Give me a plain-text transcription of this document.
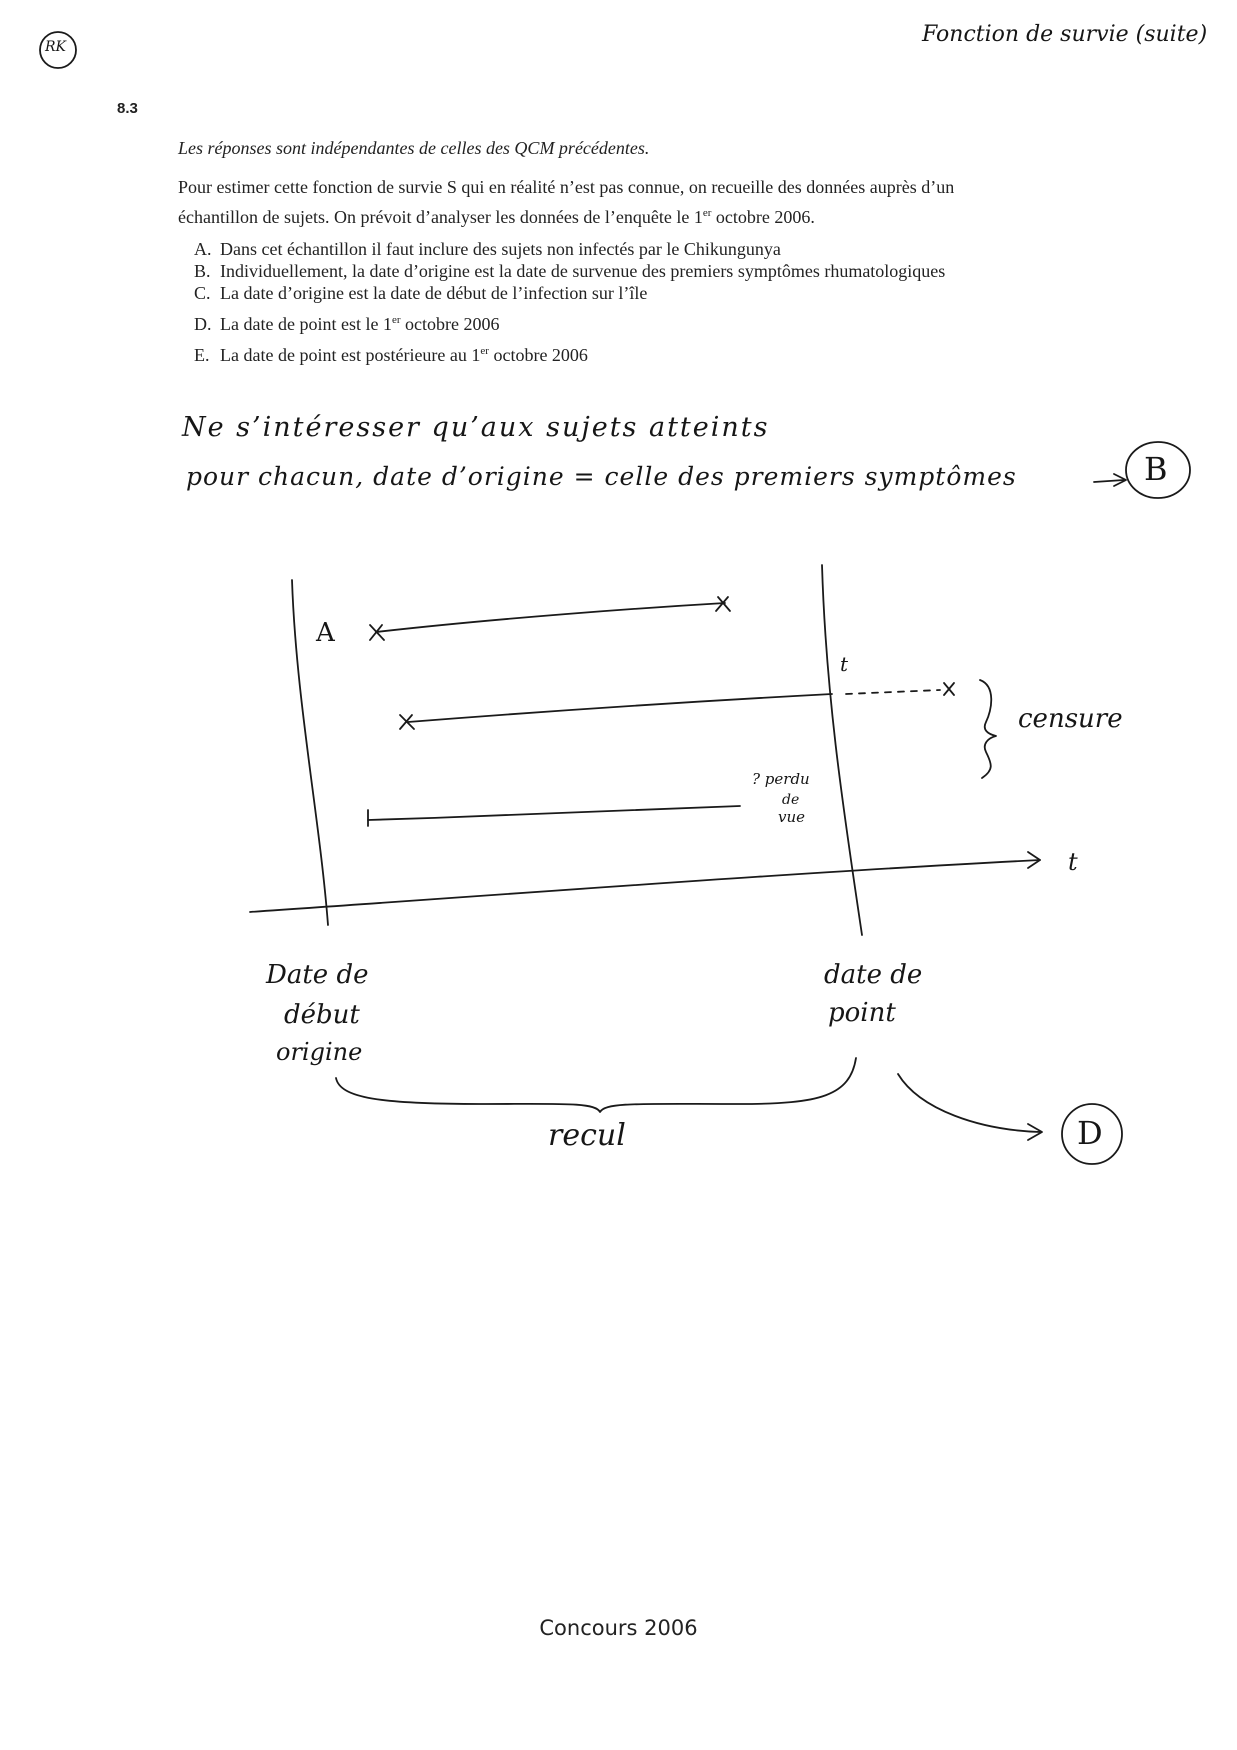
RK	Fonction de survie (suite)
8.3
Les réponses sont indépendantes de celles des QCM précédentes.
Pour estimer cette fonction de survie S qui en réalité n’est pas connue, on recueille des données auprès d’un
échantillon de sujets. On prévoit d’analyser les données de l’enquête le 1er octobre 2006.
A. Dans cet échantillon il faut inclure des sujets non infectés par le Chikungunya
B. Individuellement, la date d’origine est la date de survenue des premiers symptômes rhumatologiques
C. La date d’origine est la date de début de l’infection sur l’île
D. La date de point est le 1er octobre 2006
E. La date de point est postérieure au 1er octobre 2006
Ne s’intéresser qu’aux sujets atteints
pour chacun, date d’origine = celle des premiers symptômes	B
A
t
censure
? perdu
de
vue
t
Date de
début
origine
date de
point
recul	D
Concours 2006
